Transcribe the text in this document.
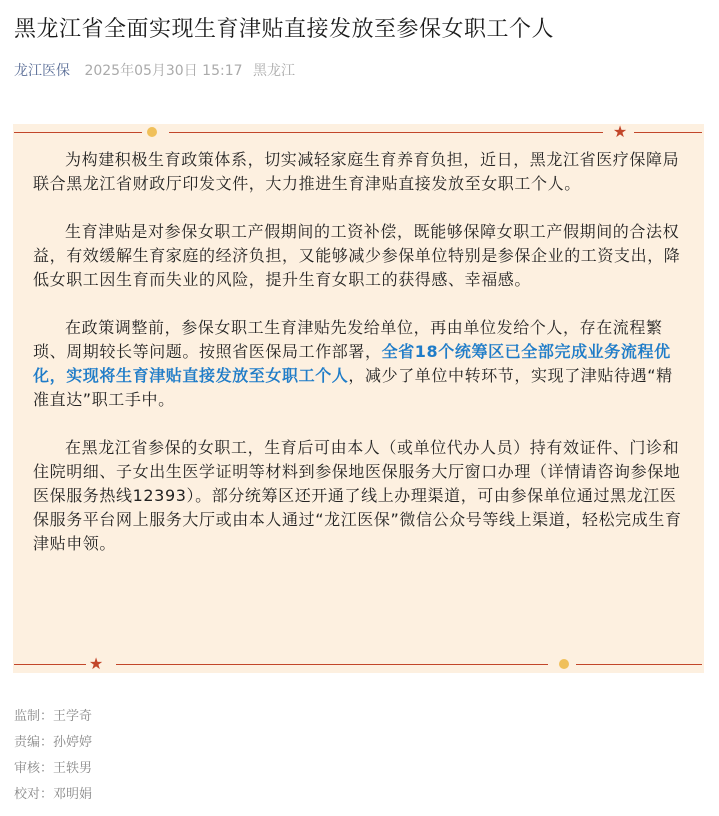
黑龙江省全面实现生育津贴直接发放至参保女职工个人
龙江医保 2025年05月30日 15:17 黑龙江
★

为构建积极生育政策体系，切实减轻家庭生育养育负担，近日，黑龙江省医疗保障局联合黑龙江省财政厅印发文件，大力推进生育津贴直接发放至女职工个人。

生育津贴是对参保女职工产假期间的工资补偿，既能够保障女职工产假期间的合法权益，有效缓解生育家庭的经济负担，又能够减少参保单位特别是参保企业的工资支出，降低女职工因生育而失业的风险，提升生育女职工的获得感、幸福感。

在政策调整前，参保女职工生育津贴先发给单位，再由单位发给个人，存在流程繁琐、周期较长等问题。按照省医保局工作部署，全省18个统筹区已全部完成业务流程优化，实现将生育津贴直接发放至女职工个人，减少了单位中转环节，实现了津贴待遇“精准直达”职工手中。

在黑龙江省参保的女职工，生育后可由本人（或单位代办人员）持有效证件、门诊和住院明细、子女出生医学证明等材料到参保地医保服务大厅窗口办理（详情请咨询参保地医保服务热线12393）。部分统筹区还开通了线上办理渠道，可由参保单位通过黑龙江医保服务平台网上服务大厅或由本人通过“龙江医保”微信公众号等线上渠道，轻松完成生育津贴申领。

★
监制：王学奇
责编：孙婷婷
审核：王轶男
校对：邓明娟
